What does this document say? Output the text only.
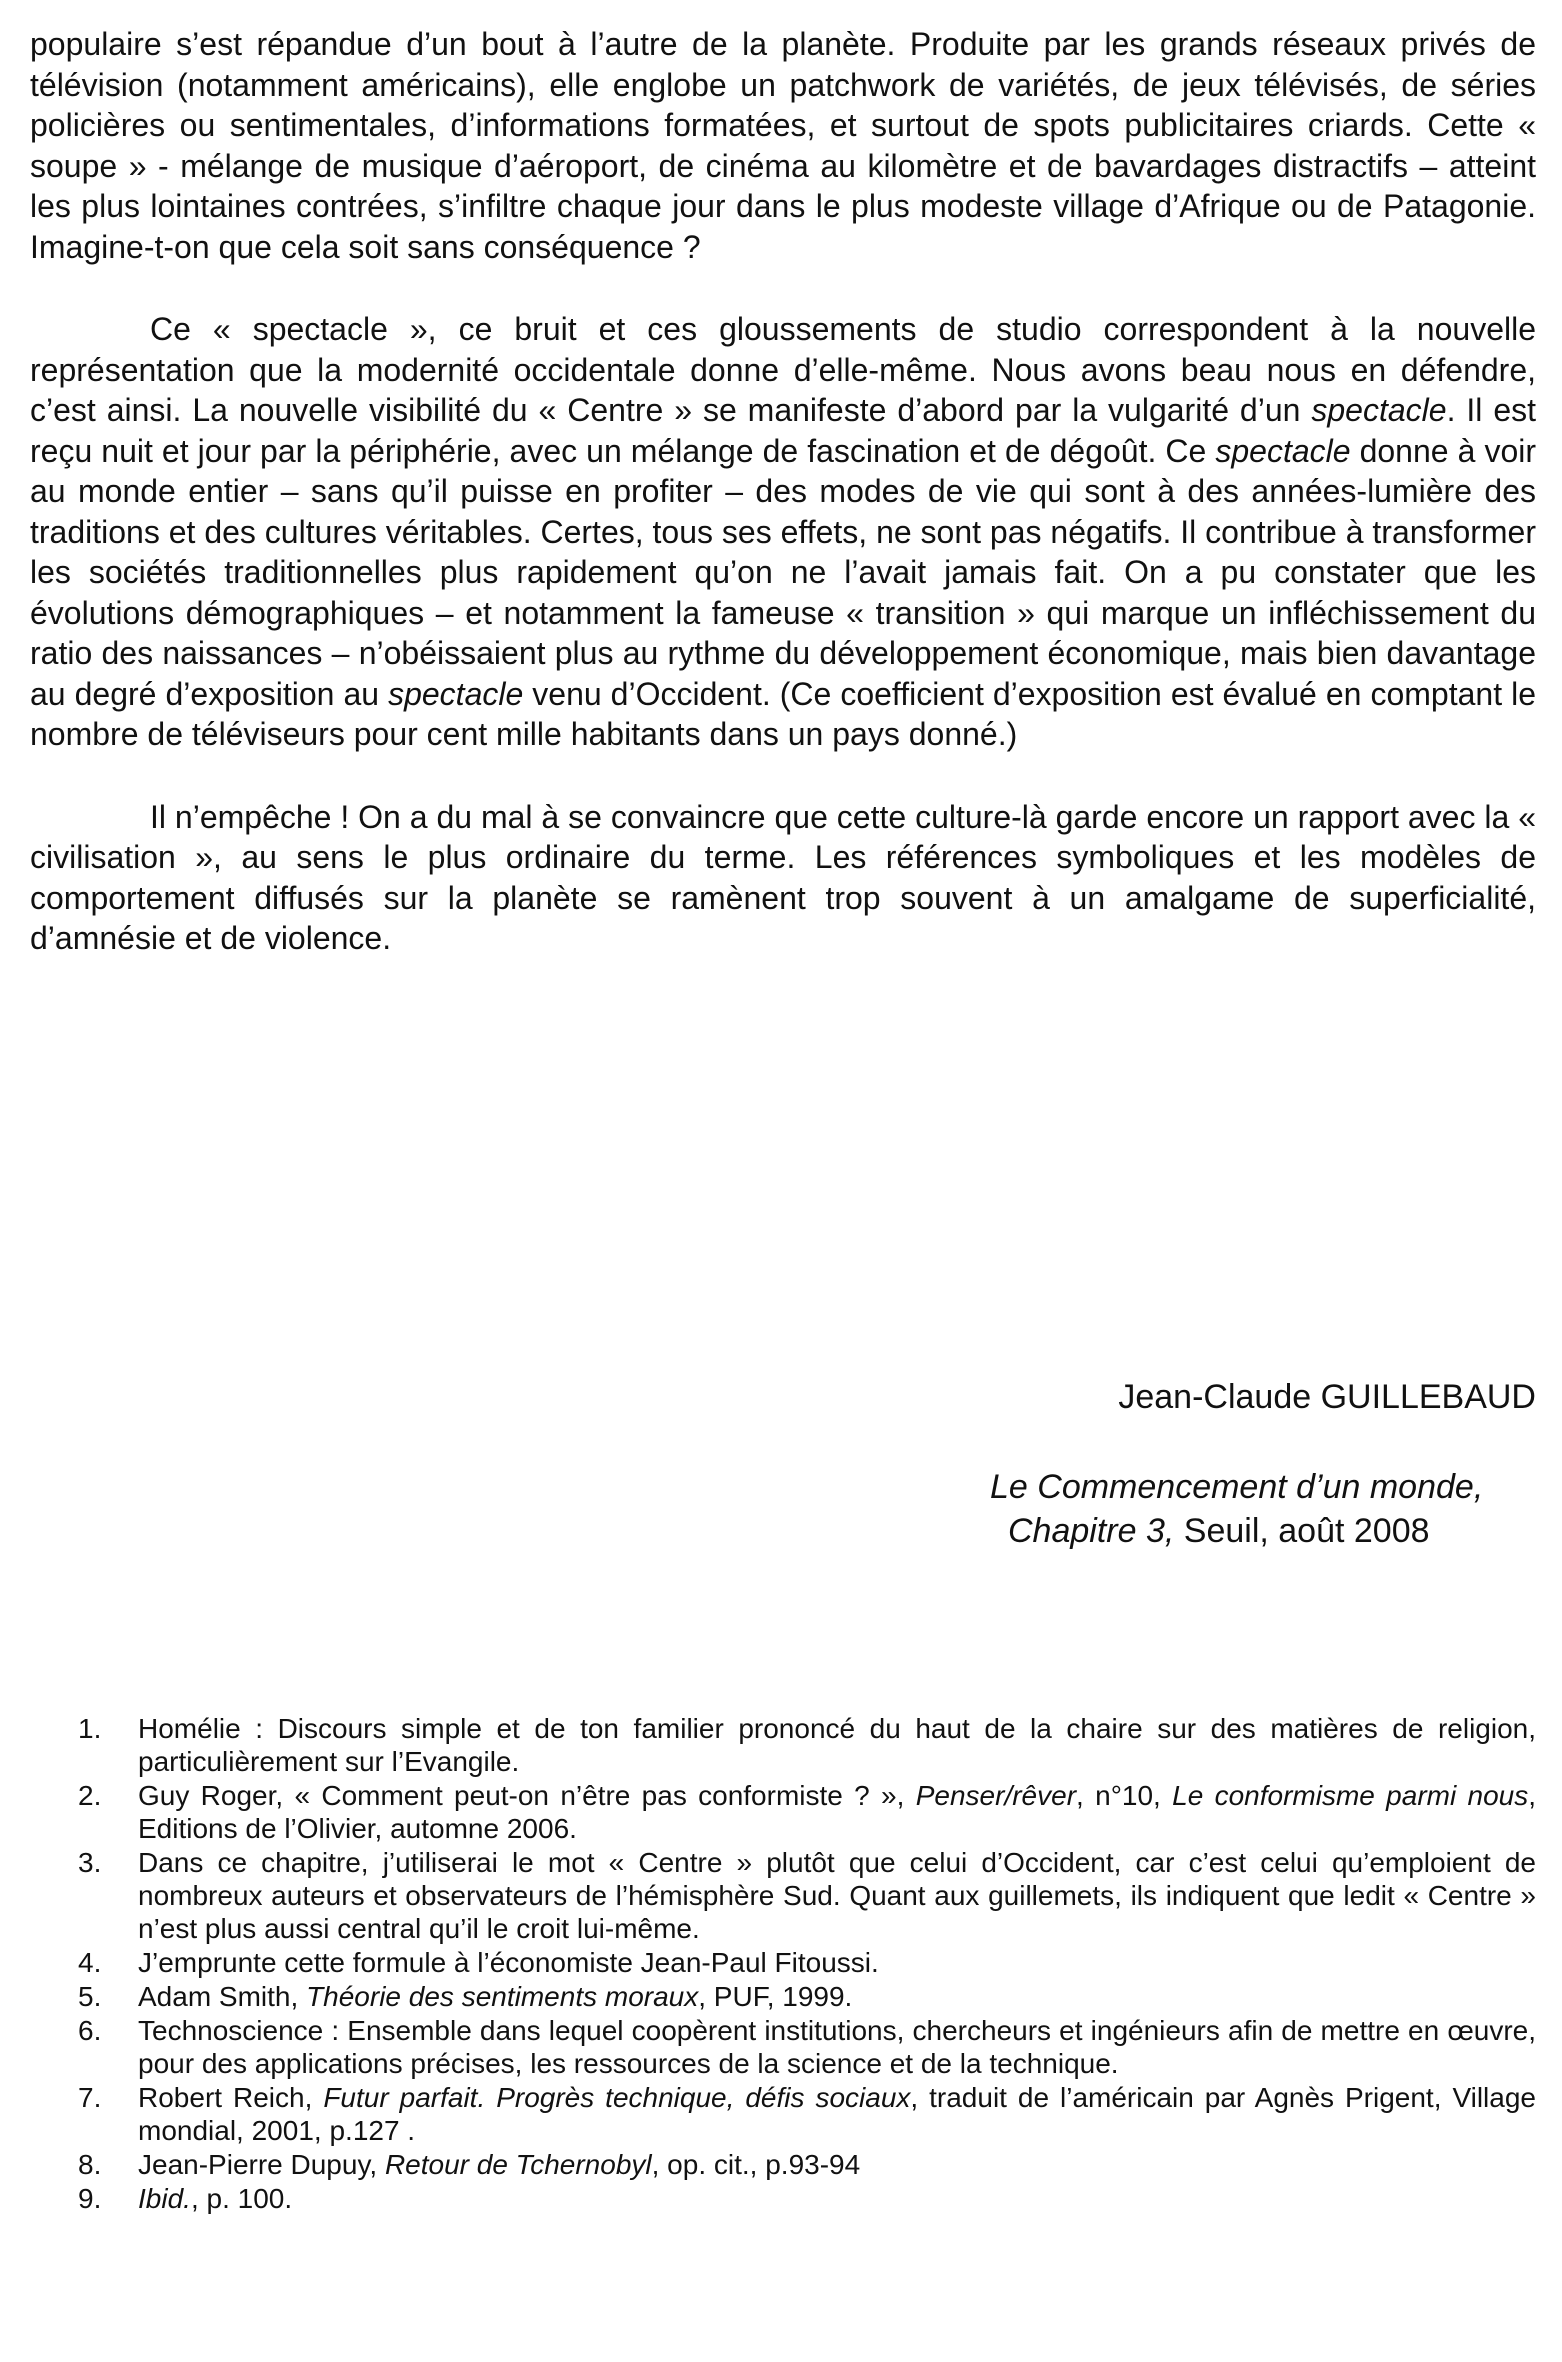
populaire s’est répandue d’un bout à l’autre de la planète. Produite par les grands réseaux privés de télévision (notamment américains), elle englobe un patchwork de variétés, de jeux télévisés, de séries policières ou sentimentales, d’informations formatées, et surtout de spots publicitaires criards. Cette « soupe » - mélange de musique d’aéroport, de cinéma au kilomètre et de bavardages distractifs – atteint les plus lointaines contrées, s’infiltre chaque jour dans le plus modeste village d’Afrique ou de Patagonie. Imagine-t-on que cela soit sans conséquence ?

Ce « spectacle », ce bruit et ces gloussements de studio correspondent à la nouvelle représentation que la modernité occidentale donne d’elle-même. Nous avons beau nous en défendre, c’est ainsi. La nouvelle visibilité du « Centre » se manifeste d’abord par la vulgarité d’un spectacle. Il est reçu nuit et jour par la périphérie, avec un mélange de fascination et de dégoût. Ce spectacle donne à voir au monde entier – sans qu’il puisse en profiter – des modes de vie qui sont à des années-lumière des traditions et des cultures véritables. Certes, tous ses effets, ne sont pas négatifs. Il contribue à transformer les sociétés traditionnelles plus rapidement qu’on ne l’avait jamais fait. On a pu constater que les évolutions démographiques – et notamment la fameuse « transition » qui marque un infléchissement du ratio des naissances – n’obéissaient plus au rythme du développement économique, mais bien davantage au degré d’exposition au spectacle venu d’Occident. (Ce coefficient d’exposition est évalué en comptant le nombre de téléviseurs pour cent mille habitants dans un pays donné.)

Il n’empêche ! On a du mal à se convaincre que cette culture-là garde encore un rapport avec la « civilisation », au sens le plus ordinaire du terme. Les références symboliques et les modèles de comportement diffusés sur la planète se ramènent trop souvent à un amalgame de superficialité, d’amnésie et de violence.

Jean-Claude GUILLEBAUD

Le Commencement d’un monde,

Chapitre 3, Seuil, août 2008

1. Homélie : Discours simple et de ton familier prononcé du haut de la chaire sur des matières de religion, particulièrement sur l’Evangile.
2. Guy Roger, « Comment peut-on n’être pas conformiste ? », Penser/rêver, n°10, Le conformisme parmi nous, Editions de l’Olivier, automne 2006.
3. Dans ce chapitre, j’utiliserai le mot « Centre » plutôt que celui d’Occident, car c’est celui qu’emploient de nombreux auteurs et observateurs de l’hémisphère Sud. Quant aux guillemets, ils indiquent que ledit « Centre » n’est plus aussi central qu’il le croit lui-même.
4. J’emprunte cette formule à l’économiste Jean-Paul Fitoussi.
5. Adam Smith, Théorie des sentiments moraux, PUF, 1999.
6. Technoscience : Ensemble dans lequel coopèrent institutions, chercheurs et ingénieurs afin de mettre en œuvre, pour des applications précises, les ressources de la science et de la technique.
7. Robert Reich, Futur parfait. Progrès technique, défis sociaux, traduit de l’américain par Agnès Prigent, Village mondial, 2001, p.127 .
8. Jean-Pierre Dupuy, Retour de Tchernobyl, op. cit., p.93-94
9. Ibid., p. 100.
